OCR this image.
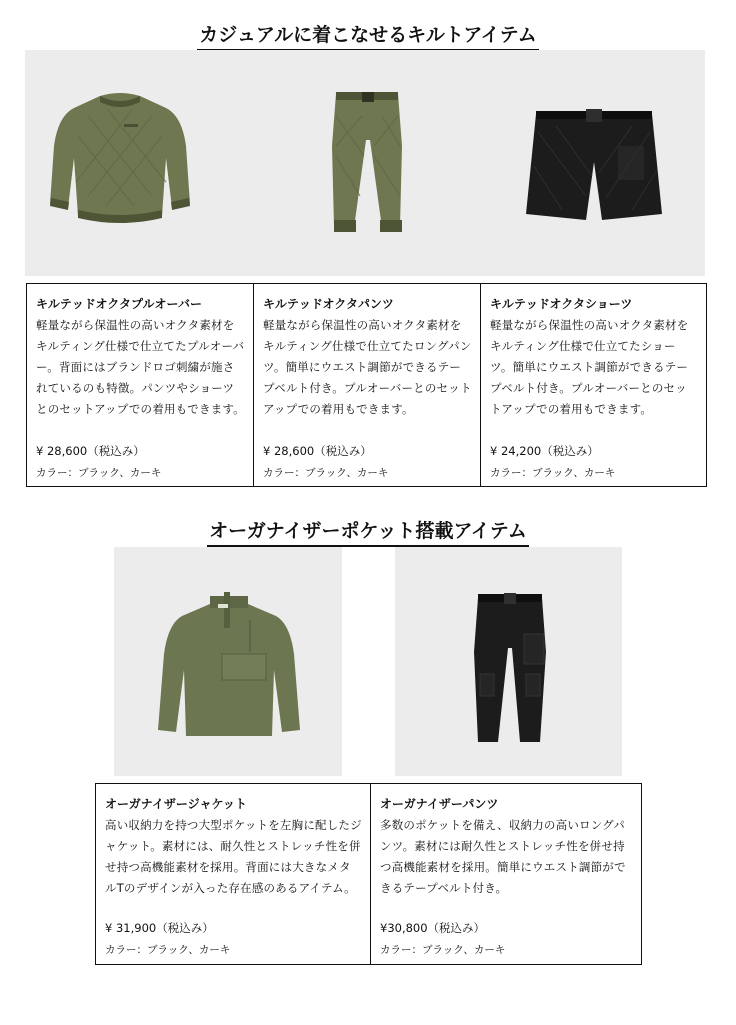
カジュアルに着こなせるキルトアイテム
キルテッドオクタプルオーバー
軽量ながら保温性の高いオクタ素材をキルティング仕様で仕立てたプルオーバー。背面にはブランドロゴ刺繍が施されているのも特徴。パンツやショーツとのセットアップでの着用もできます。
¥ 28,600（税込み）
カラー：ブラック、カーキ
キルテッドオクタパンツ
軽量ながら保温性の高いオクタ素材をキルティング仕様で仕立てたロングパンツ。簡単にウエスト調節ができるテープベルト付き。プルオーバーとのセットアップでの着用もできます。
¥ 28,600（税込み）
カラー：ブラック、カーキ
キルテッドオクタショーツ
軽量ながら保温性の高いオクタ素材をキルティング仕様で仕立てたショーツ。簡単にウエスト調節ができるテープベルト付き。プルオーバーとのセットアップでの着用もできます。
¥ 24,200（税込み）
カラー：ブラック、カーキ
オーガナイザーポケット搭載アイテム
オーガナイザージャケット
高い収納力を持つ大型ポケットを左胸に配したジャケット。素材には、耐久性とストレッチ性を併せ持つ高機能素材を採用。背面には大きなメタルTのデザインが入った存在感のあるアイテム。
¥ 31,900（税込み）
カラー：ブラック、カーキ
オーガナイザーパンツ
多数のポケットを備え、収納力の高いロングパンツ。素材には耐久性とストレッチ性を併せ持つ高機能素材を採用。簡単にウエスト調節ができるテープベルト付き。
¥30,800（税込み）
カラー：ブラック、カーキ
